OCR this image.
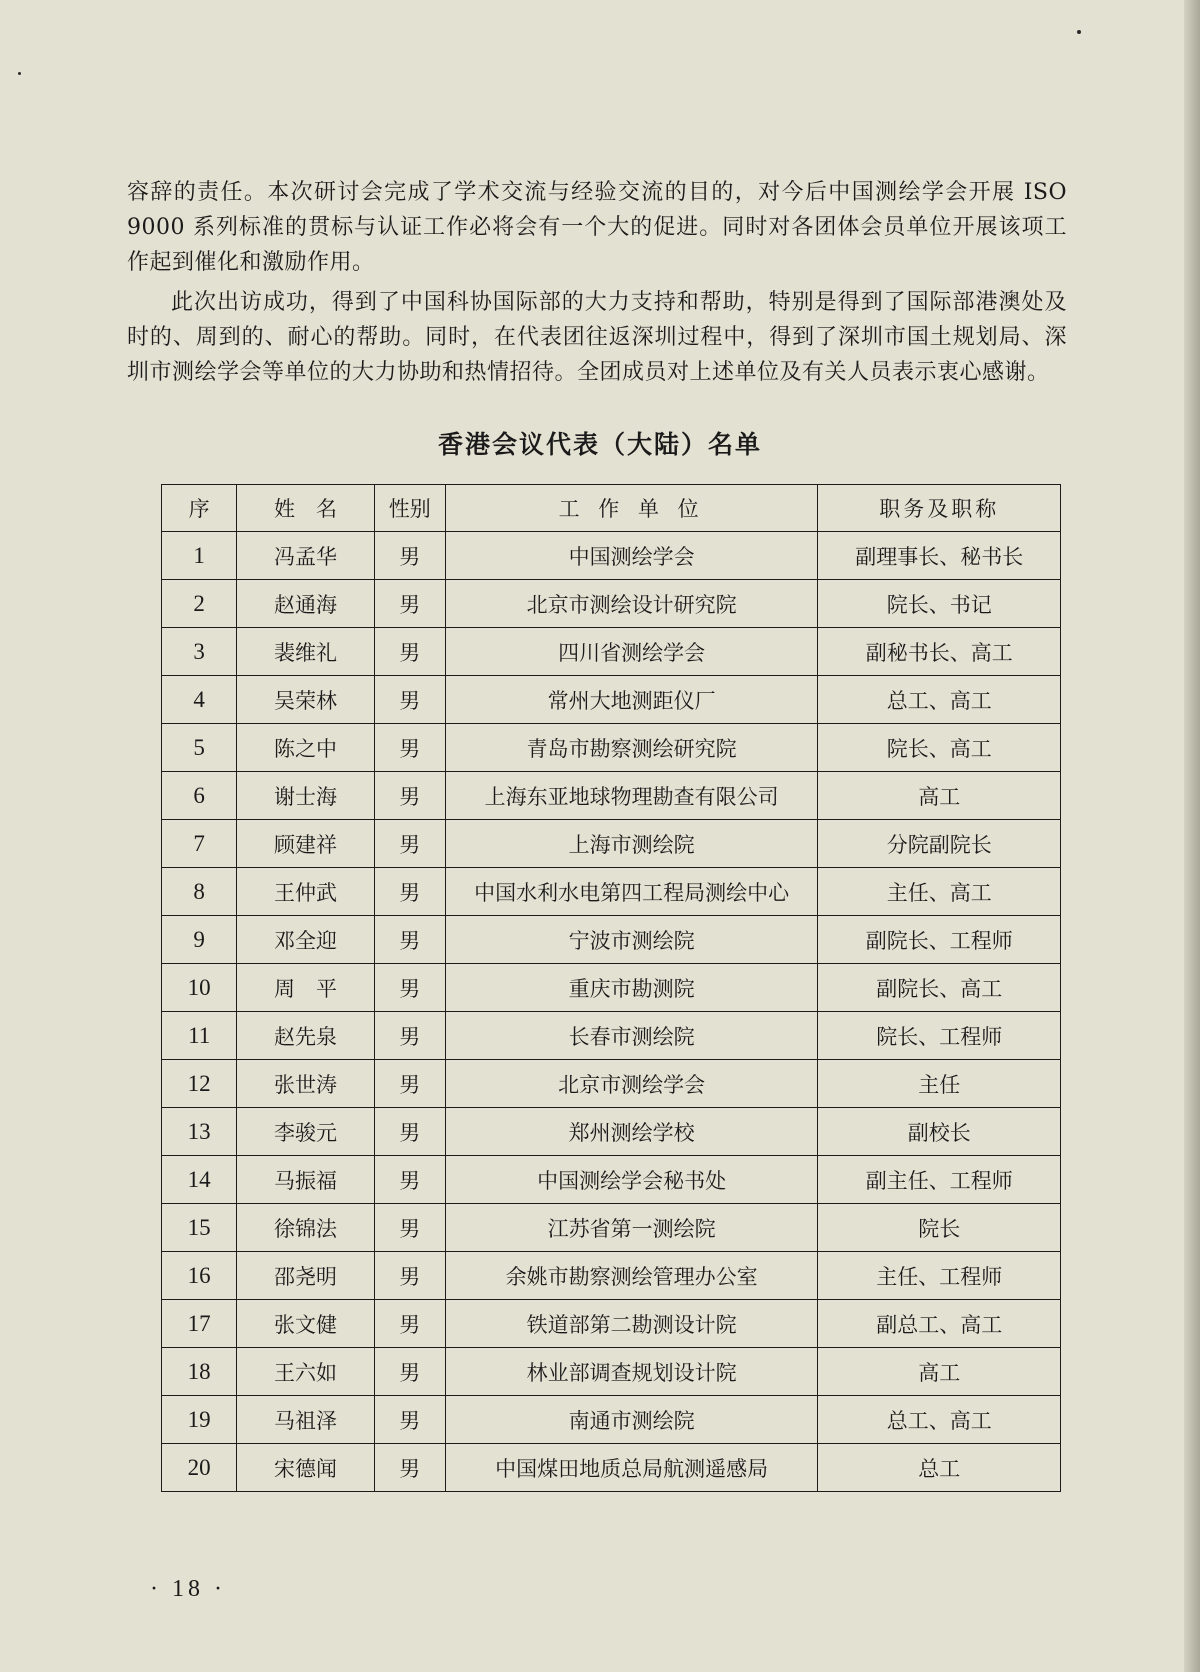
容辞的责任。本次研讨会完成了学术交流与经验交流的目的，对今后中国测绘学会开展 ISO 9000 系列标准的贯标与认证工作必将会有一个大的促进。同时对各团体会员单位开展该项工作起到催化和激励作用。

此次出访成功，得到了中国科协国际部的大力支持和帮助，特别是得到了国际部港澳处及时的、周到的、耐心的帮助。同时，在代表团往返深圳过程中，得到了深圳市国土规划局、深圳市测绘学会等单位的大力协助和热情招待。全团成员对上述单位及有关人员表示衷心感谢。

香港会议代表（大陆）名单
序	姓　名	性别	工 作 单 位	职务及职称
1	冯孟华	男	中国测绘学会	副理事长、秘书长
2	赵通海	男	北京市测绘设计研究院	院长、书记
3	裴维礼	男	四川省测绘学会	副秘书长、高工
4	吴荣林	男	常州大地测距仪厂	总工、高工
5	陈之中	男	青岛市勘察测绘研究院	院长、高工
6	谢士海	男	上海东亚地球物理勘查有限公司	高工
7	顾建祥	男	上海市测绘院	分院副院长
8	王仲武	男	中国水利水电第四工程局测绘中心	主任、高工
9	邓全迎	男	宁波市测绘院	副院长、工程师
10	周　平	男	重庆市勘测院	副院长、高工
11	赵先泉	男	长春市测绘院	院长、工程师
12	张世涛	男	北京市测绘学会	主任
13	李骏元	男	郑州测绘学校	副校长
14	马振福	男	中国测绘学会秘书处	副主任、工程师
15	徐锦法	男	江苏省第一测绘院	院长
16	邵尧明	男	余姚市勘察测绘管理办公室	主任、工程师
17	张文健	男	铁道部第二勘测设计院	副总工、高工
18	王六如	男	林业部调查规划设计院	高工
19	马祖泽	男	南通市测绘院	总工、高工
20	宋德闻	男	中国煤田地质总局航测遥感局	总工
· 18 ·
